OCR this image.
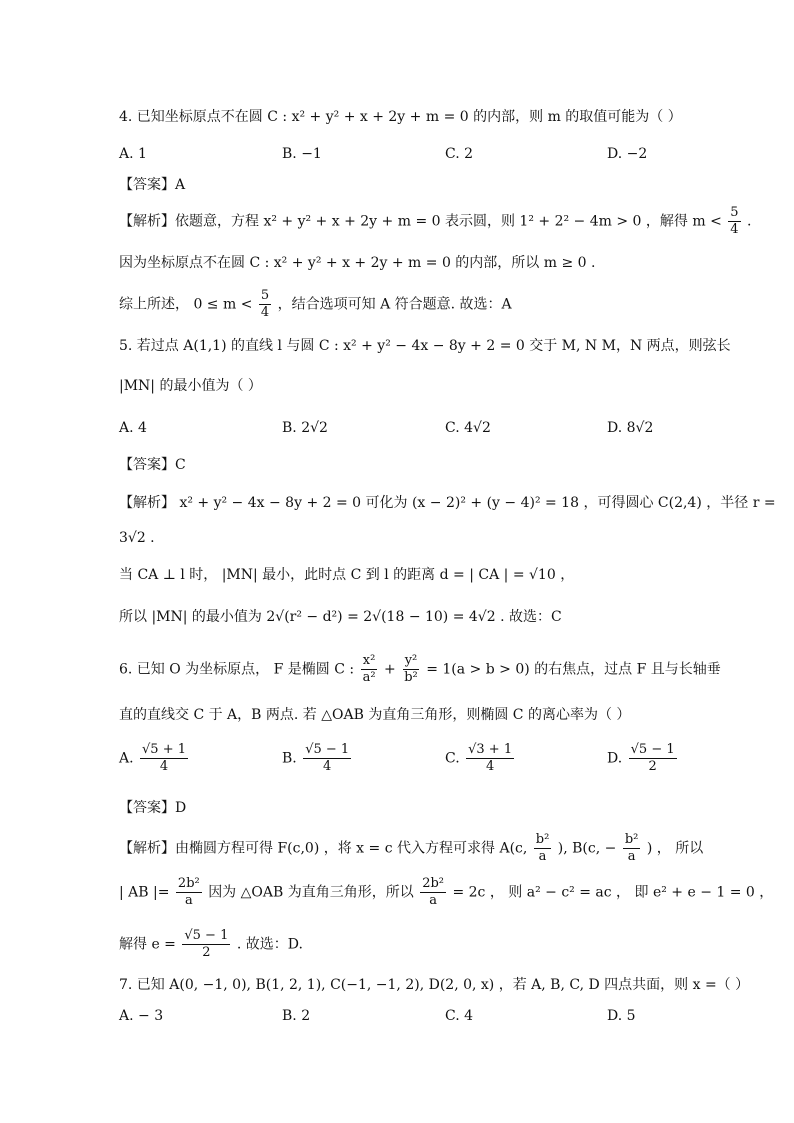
4. 已知坐标原点不在圆 C : x² + y² + x + 2y + m = 0 的内部，则 m 的取值可能为（ ）
A. 1	B. −1	C. 2	D. −2
【答案】A
【解析】依题意，方程 x² + y² + x + 2y + m = 0 表示圆，则 1² + 2² − 4m > 0 ，解得 $m < \frac{5}{4}$ .
因为坐标原点不在圆 C : x² + y² + x + 2y + m = 0 的内部，所以 m ≥ 0 .
综上所述， $0 \le m < \frac{5}{4}$ ，结合选项可知 A 符合题意. 故选：A
5. 若过点 A(1,1) 的直线 l 与圆 C : x² + y² − 4x − 8y + 2 = 0 交于 M, N M，N 两点，则弦长
|MN| 的最小值为（ ）
A. 4	B. 2√2	C. 4√2	D. 8√2
【答案】C
【解析】 x² + y² − 4x − 8y + 2 = 0 可化为 (x − 2)² + (y − 4)² = 18 ，可得圆心 C(2,4) ，半径 r =
3√2 .
当 CA ⊥ l 时， |MN| 最小，此时点 C 到 l 的距离 d = | CA | = √10 ，
所以 |MN| 的最小值为 2√(r² − d²) = 2√(18 − 10) = 4√2 . 故选：C
6. 已知 O 为坐标原点， F 是椭圆 C : $\frac{\text{x²}}{\text{a²}} + \frac{\text{y²}}{\text{b²}} = 1(a > b > 0)$ 的右焦点，过点 F 且与长轴垂
直的直线交 C 于 A，B 两点. 若 △OAB 为直角三角形，则椭圆 C 的离心率为（ ）
A. $\frac{√5 + 1}{4}$	B. $\frac{√5 - 1}{4}$	C. $\frac{√3 + 1}{4}$	D. $\frac{√5 - 1}{2}$
【答案】D
【解析】由椭圆方程可得 F(c,0) ，将 x = c 代入方程可求得 A(c, $\frac{\text{b²}}{a}$ ), B(c, − $\frac{\text{b²}}{a}$ ) ， 所以
| AB |= $\frac{\text{2b²}}{a}$ 因为 △OAB 为直角三角形，所以 $\frac{\text{2b²}}{a} = 2c$ ， 则 a² − c² = ac ， 即 e² + e − 1 = 0 ，
解得 $e = \frac{√5 - 1}{2}$ . 故选：D.
7. 已知 A(0, −1, 0), B(1, 2, 1), C(−1, −1, 2), D(2, 0, x) ，若 A, B, C, D 四点共面，则 x =（ ）
A. − 3	B. 2	C. 4	D. 5
